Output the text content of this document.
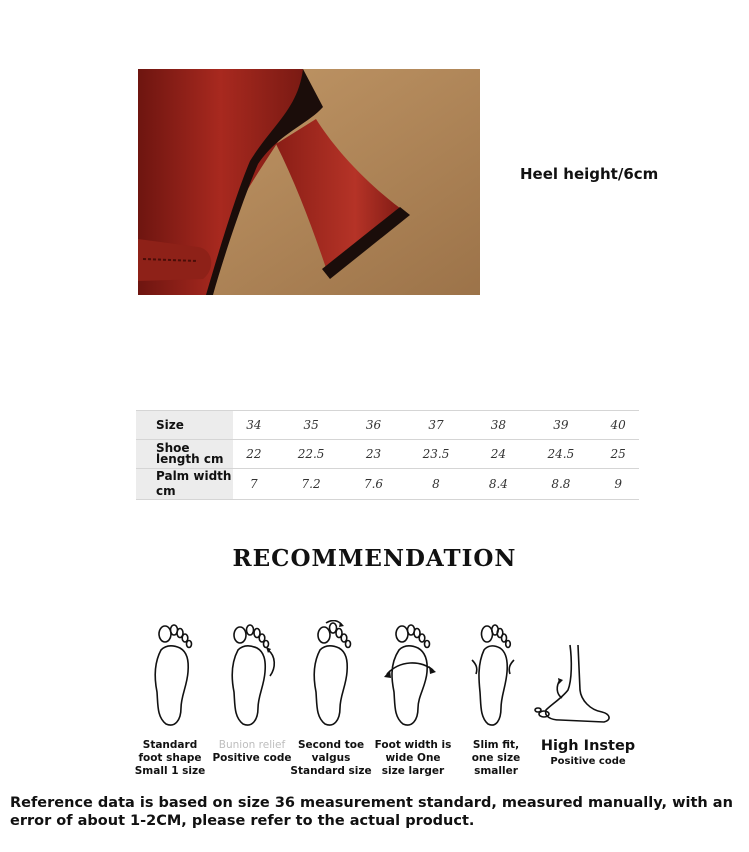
Heel height/6cm
Size	34	35	36	37	38	39	40
Shoe length cm	22	22.5	23	23.5	24	24.5	25
Palm width cm	7	7.2	7.6	8	8.4	8.8	9
RECOMMENDATION
Standard foot shape Small 1 size
Bunion relief
Positive code
Second toe valgus
Standard size
Foot width is wide One size larger
Slim fit, one size smaller
High Instep
Positive code
Reference data is based on size 36 measurement standard, measured manually, with an error of about 1-2CM, please refer to the actual product.
